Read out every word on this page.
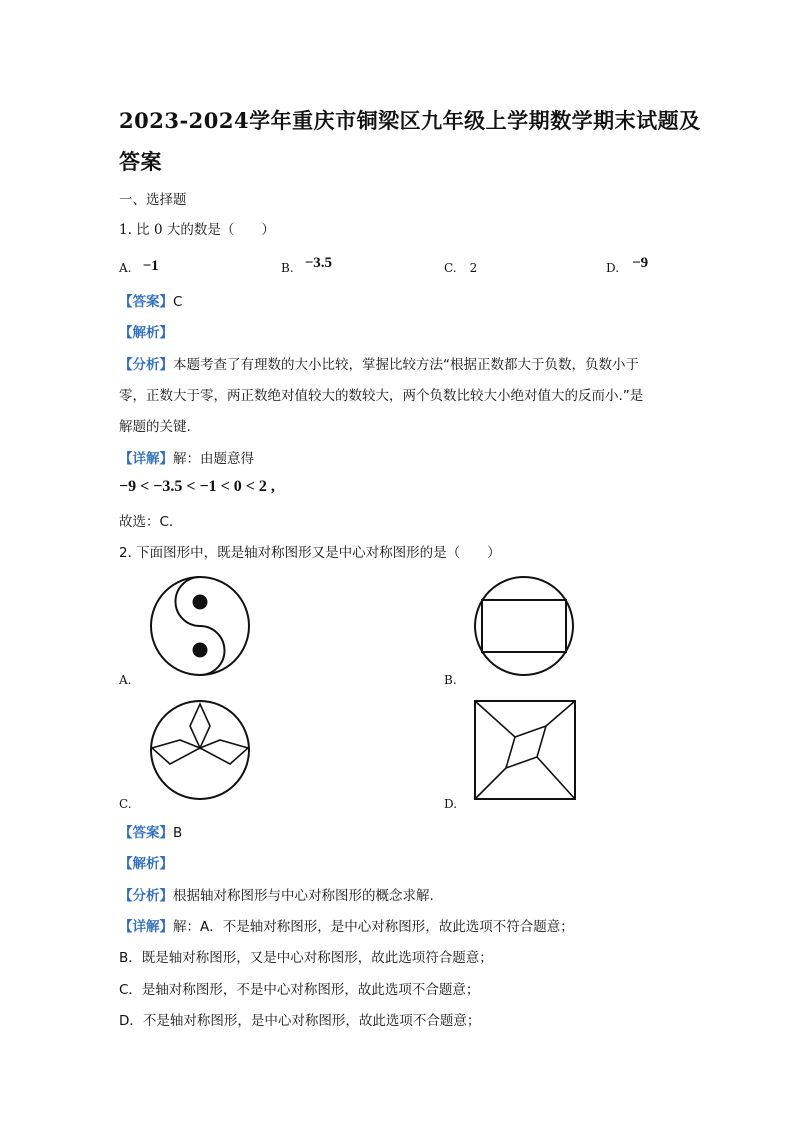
2023-2024学年重庆市铜梁区九年级上学期数学期末试题及
答案
一、选择题
1. 比 0 大的数是（　　）
A. −1	B. −3.5	C. 2	D. −9
【答案】C
【解析】
【分析】本题考查了有理数的大小比较，掌握比较方法“根据正数都大于负数，负数小于
零，正数大于零，两正数绝对值较大的数较大，两个负数比较大小绝对值大的反而小.”是
解题的关键.
【详解】解：由题意得
−9 < −3.5 < −1 < 0 < 2 ,
故选：C.
2. 下面图形中，既是轴对称图形又是中心对称图形的是（　　）
A.	B.
C.	D.
【答案】B
【解析】
【分析】根据轴对称图形与中心对称图形的概念求解.
【详解】解：A．不是轴对称图形，是中心对称图形，故此选项不符合题意；
B．既是轴对称图形，又是中心对称图形，故此选项符合题意；
C．是轴对称图形，不是中心对称图形，故此选项不合题意；
D．不是轴对称图形，是中心对称图形，故此选项不合题意；
